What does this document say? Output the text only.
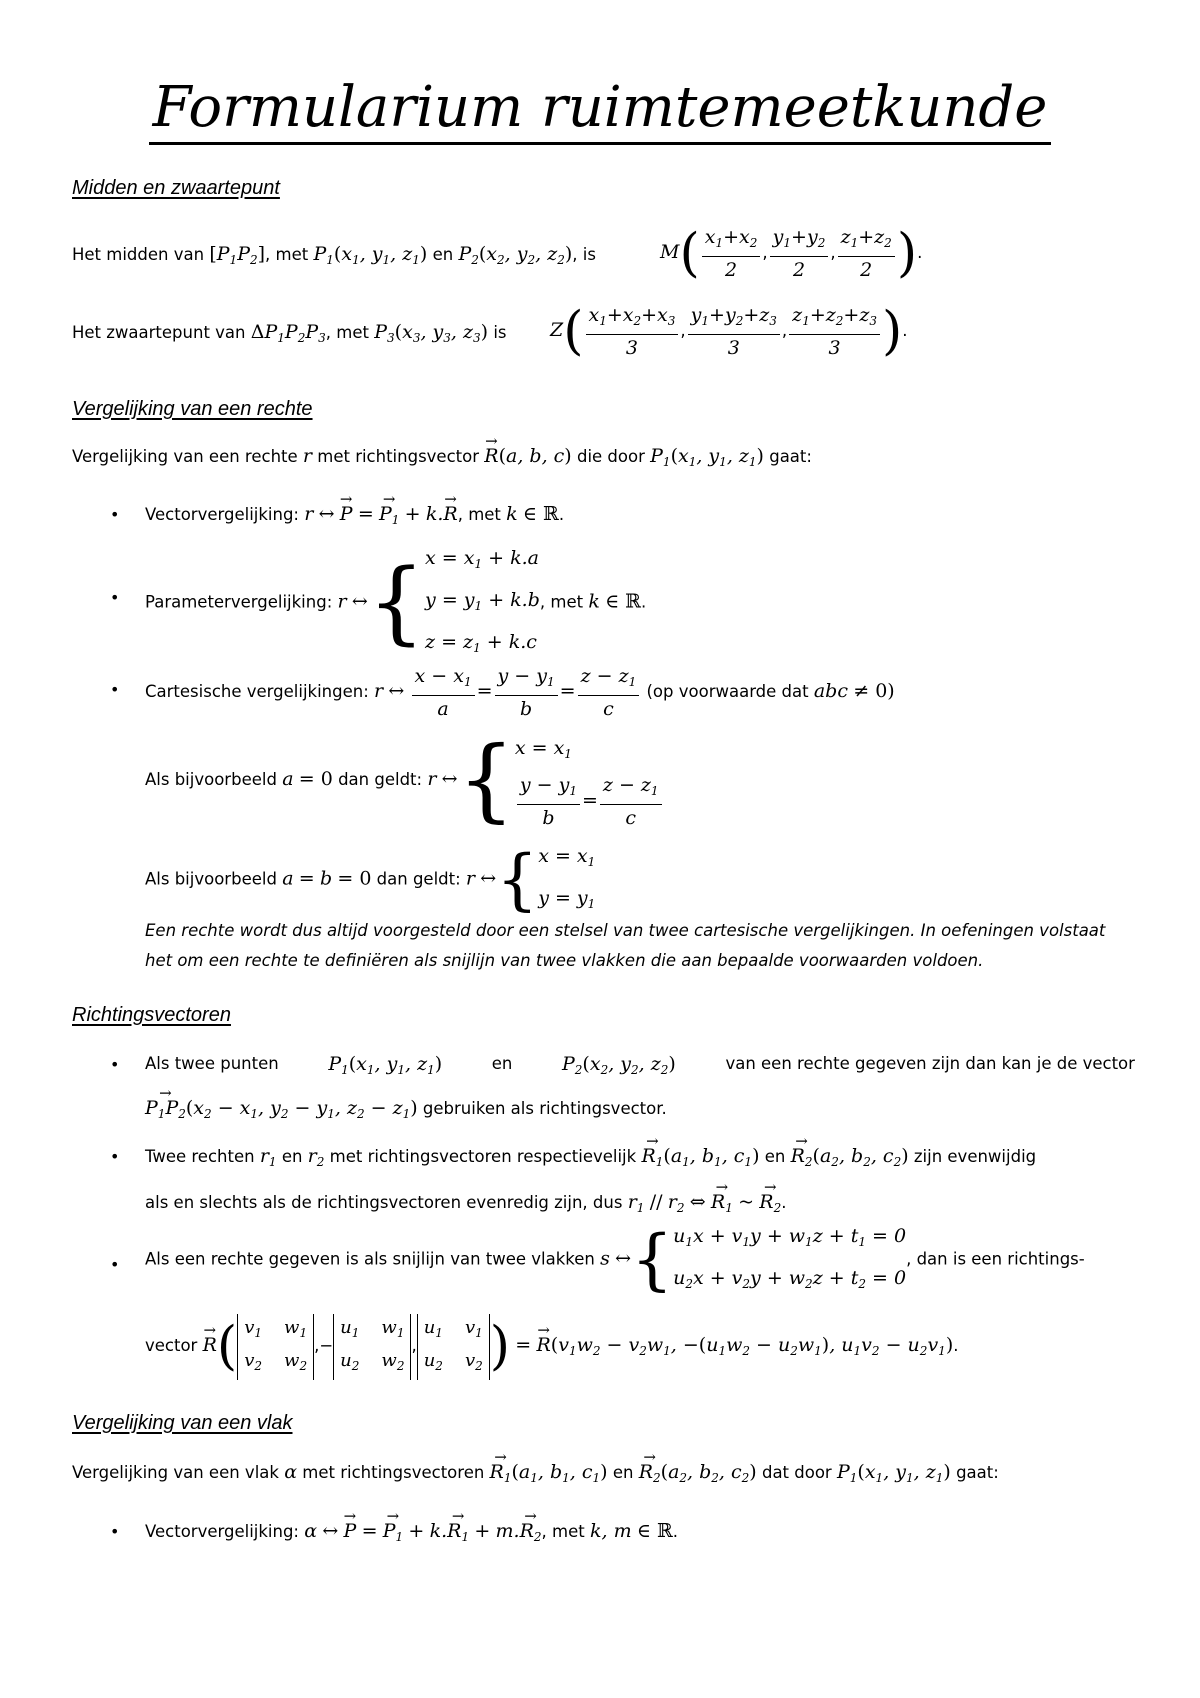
Formularium ruimtemeetkunde
Midden en zwaartepunt
Het midden van $[P_1P_2]$, met $P_1(x_1$, $y_1$, $z_1$) en $P_2(x_2$, $y_2$, $z_2$), is	$M( \frac{x_1+x_2}{2}$ , $\frac{y_1+y_2}{2}$ , $\frac{z_1+z_2}{2}$ ).
Het zwaartepunt van $\Delta P_1P_2P_3$, met $P_3(x_3$, $y_3$, $z_3$) is $Z( \frac{x_1+x_2+x_3}{3}$ , $\frac{y_1+y_2+z_3}{3}$ , $\frac{z_1+z_2+z_3}{3}$ ).
Vergelijking van een rechte
Vergelijking van een rechte r met richtingsvector → R(a, b, c) die door $P_1(x_1$, $y_1$, $z_1$) gaat:
• Vectorvergelijking: r ↔ → P = → $P_1 + k.\to R$, met k ∈ ℝ.
• Parametervergelijking: r ↔{ $x = x_1 + k.a$
$y = y_1 + k.b$
$z = z_1 + k.c$
, met k ∈ ℝ.
• Cartesische vergelijkingen: r ↔ $\frac{x - x_1}{a} = \frac{y - y_1}{b} = \frac{z - z_1}{c} (op$ voorwaarde dat abc ≠ 0)
Als bijvoorbeeld a = 0 dan geldt: r ↔{ $x = x_1$
$\frac{y - y_1}{b} = \frac{z - z_1}{c}$
Als bijvoorbeeld a = b = 0 dan geldt: r ↔{ $x = x_1$
$y = y_1$
Een rechte wordt dus altijd voorgesteld door een stelsel van twee cartesische vergelijkingen. In oefeningen volstaat het om een rechte te definiëren als snijlijn van twee vlakken die aan bepaalde voorwaarden voldoen.
Richtingsvectoren
• Als twee punten	$P_1(x_1$, $y_1$, $z_1$)	en	$P_2(x_2$, $y_2$, $z_2$)	van een rechte gegeven zijn dan kan je de vector
→ $P_1P_2(x_2 - x_1$, $y_2 - y_1$, $z_2 - z_1$) gebruiken als richtingsvector.
• Twee rechten $r_1$ en $r_2$ met richtingsvectoren respectievelijk → $R_1(a_1$, $b_1$, $c_1$) en → $R_2(a_2$, $b_2$, $c_2$) zijn evenwijdig
als en slechts als de richtingsvectoren evenredig zijn, dus $r_1 // r_2$ ⇔ → $R_1$ ~ → $R_2$.
• Als een rechte gegeven is als snijlijn van twee vlakken s ↔{ $u_1x + v_1y + w_1z + t_1 = 0$
$u_2x + v_2y + w_2z + t_2 = 0$
, dan is een richtings-
vector → R( $v_1$ $w_1$
$v_2$ $w_2$
,−
$u_1$ $w_1$
$u_2$ $w_2$
,
$u_1$ $v_1$
$u_2$ $v_2$ ) = → $R(v_1w_2 - v_2w_1$, $-(u_1w_2 - u_2w_1)$, $u_1v_2 - u_2v_1$).
Vergelijking van een vlak
Vergelijking van een vlak α met richtingsvectoren → $R_1(a_1$, $b_1$, $c_1$) en → $R_2(a_2$, $b_2$, $c_2$) dat door $P_1(x_1$, $y_1$, $z_1$) gaat:
• Vectorvergelijking: α ↔ → P = → $P_1 + k.\to R_1 + m.\to R_2$, met k, m ∈ ℝ.
